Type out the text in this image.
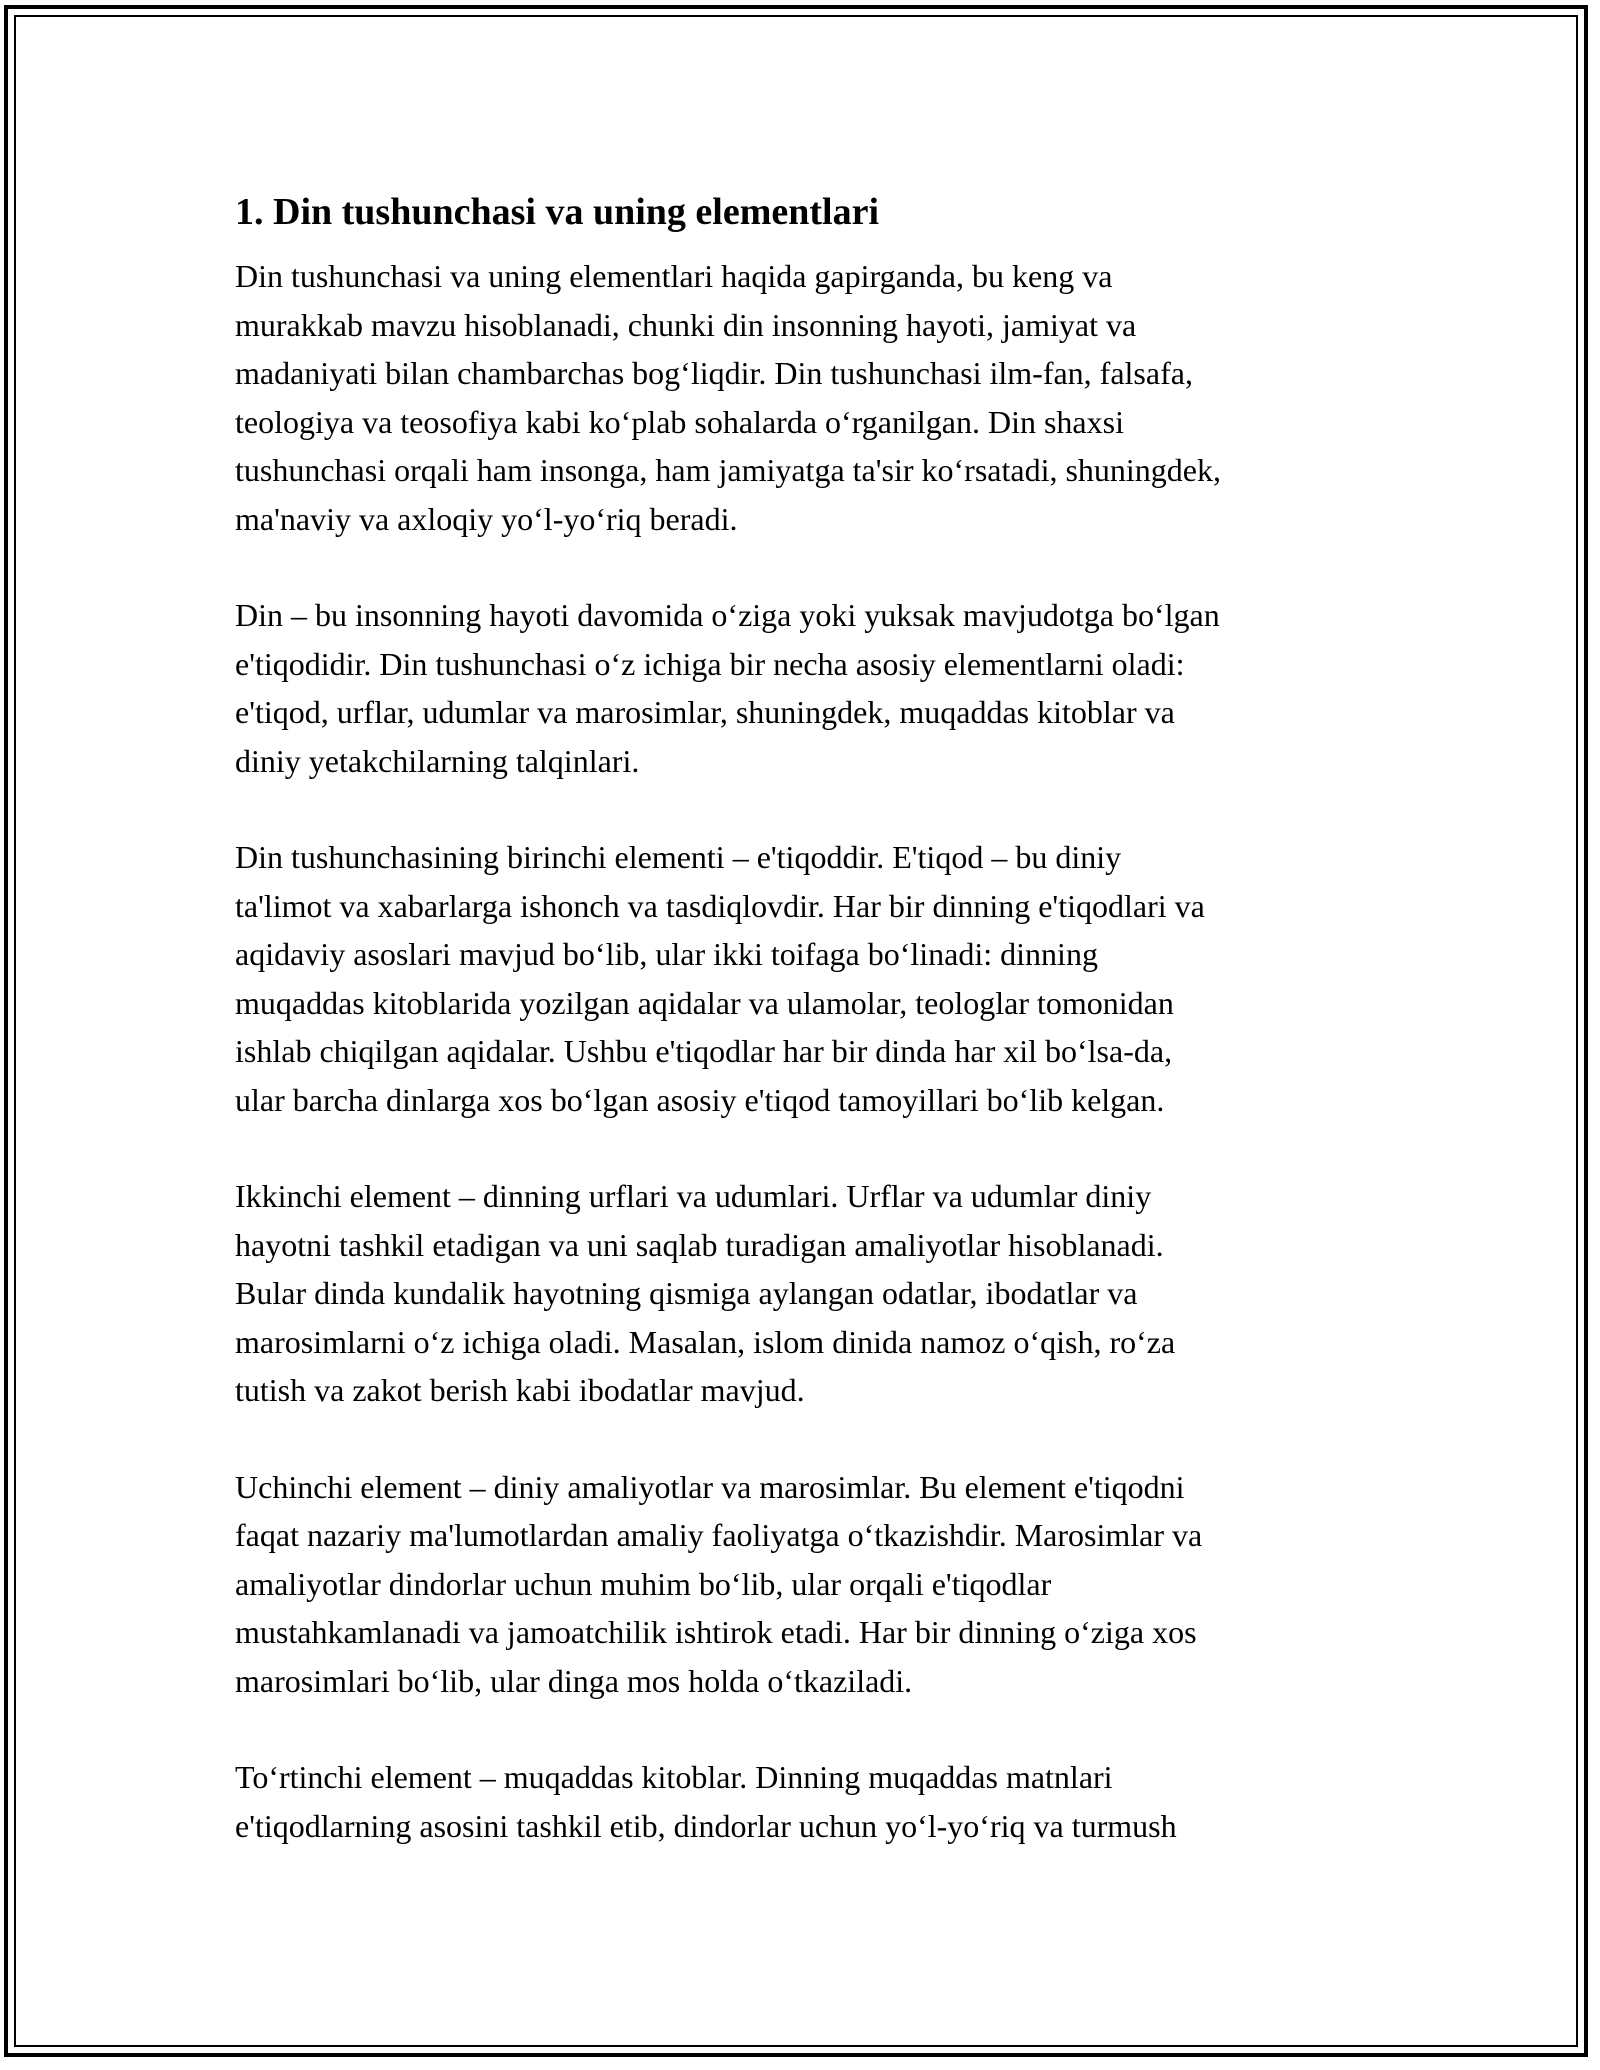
1. Din tushunchasi va uning elementlari
Din tushunchasi va uning elementlari haqida gapirganda, bu keng va
murakkab mavzu hisoblanadi, chunki din insonning hayoti, jamiyat va
madaniyati bilan chambarchas bog‘liqdir. Din tushunchasi ilm-fan, falsafa,
teologiya va teosofiya kabi ko‘plab sohalarda o‘rganilgan. Din shaxsi
tushunchasi orqali ham insonga, ham jamiyatga ta'sir ko‘rsatadi, shuningdek,
ma'naviy va axloqiy yo‘l-yo‘riq beradi.
Din – bu insonning hayoti davomida o‘ziga yoki yuksak mavjudotga bo‘lgan
e'tiqodidir. Din tushunchasi o‘z ichiga bir necha asosiy elementlarni oladi:
e'tiqod, urflar, udumlar va marosimlar, shuningdek, muqaddas kitoblar va
diniy yetakchilarning talqinlari.
Din tushunchasining birinchi elementi – e'tiqoddir. E'tiqod – bu diniy
ta'limot va xabarlarga ishonch va tasdiqlovdir. Har bir dinning e'tiqodlari va
aqidaviy asoslari mavjud bo‘lib, ular ikki toifaga bo‘linadi: dinning
muqaddas kitoblarida yozilgan aqidalar va ulamolar, teologlar tomonidan
ishlab chiqilgan aqidalar. Ushbu e'tiqodlar har bir dinda har xil bo‘lsa-da,
ular barcha dinlarga xos bo‘lgan asosiy e'tiqod tamoyillari bo‘lib kelgan.
Ikkinchi element – dinning urflari va udumlari. Urflar va udumlar diniy
hayotni tashkil etadigan va uni saqlab turadigan amaliyotlar hisoblanadi.
Bular dinda kundalik hayotning qismiga aylangan odatlar, ibodatlar va
marosimlarni o‘z ichiga oladi. Masalan, islom dinida namoz o‘qish, ro‘za
tutish va zakot berish kabi ibodatlar mavjud.
Uchinchi element – diniy amaliyotlar va marosimlar. Bu element e'tiqodni
faqat nazariy ma'lumotlardan amaliy faoliyatga o‘tkazishdir. Marosimlar va
amaliyotlar dindorlar uchun muhim bo‘lib, ular orqali e'tiqodlar
mustahkamlanadi va jamoatchilik ishtirok etadi. Har bir dinning o‘ziga xos
marosimlari bo‘lib, ular dinga mos holda o‘tkaziladi.
To‘rtinchi element – muqaddas kitoblar. Dinning muqaddas matnlari
e'tiqodlarning asosini tashkil etib, dindorlar uchun yo‘l-yo‘riq va turmush
